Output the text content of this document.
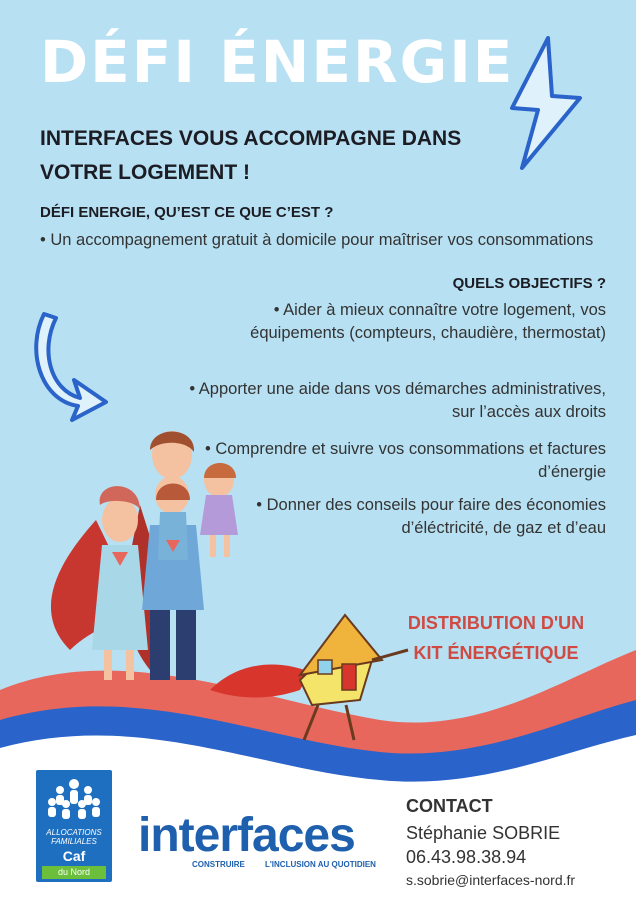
DÉFI ÉNERGIE
INTERFACES VOUS ACCOMPAGNE DANS VOTRE LOGEMENT !
DÉFI ENERGIE, QU’EST CE QUE C’EST ?
• Un accompagnement gratuit à domicile pour maîtriser vos consommations
QUELS OBJECTIFS ?
• Aider à mieux connaître votre logement, vos équipements (compteurs, chaudière, thermostat)
• Apporter une aide dans vos démarches administratives, sur l’accès aux droits
• Comprendre et suivre vos consommations et factures d’énergie
• Donner des conseils pour faire des économies d’éléctricité, de gaz et d’eau
DISTRIBUTION D'UN KIT ÉNERGÉTIQUE
ALLOCATIONS
FAMILIALES
Caf
du Nord
interfaces
CONSTRUIRE	L'INCLUSION AU QUOTIDIEN
CONTACT
Stéphanie SOBRIE
06.43.98.38.94
s.sobrie@interfaces-nord.fr
